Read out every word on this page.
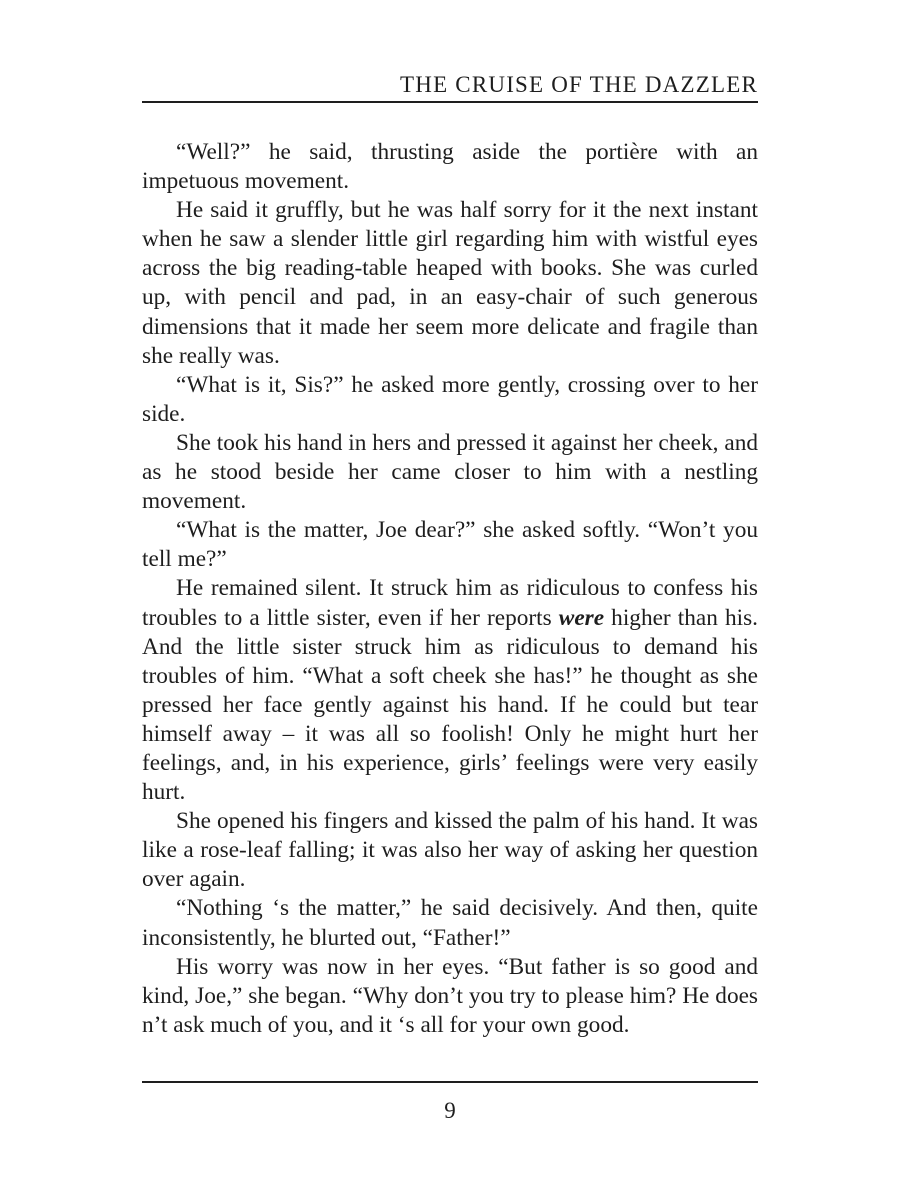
THE CRUISE OF THE DAZZLER

“Well?” he said, thrusting aside the portière with an impetuous movement.

He said it gruffly, but he was half sorry for it the next instant when he saw a slender little girl regarding him with wistful eyes across the big reading-table heaped with books. She was curled up, with pencil and pad, in an easy-chair of such generous dimensions that it made her seem more delicate and fragile than she really was.

“What is it, Sis?” he asked more gently, crossing over to her side.

She took his hand in hers and pressed it against her cheek, and as he stood beside her came closer to him with a nestling movement.

“What is the matter, Joe dear?” she asked softly. “Won’t you tell me?”

He remained silent. It struck him as ridiculous to confess his troubles to a little sister, even if her reports were higher than his. And the little sister struck him as ridiculous to demand his troubles of him. “What a soft cheek she has!” he thought as she pressed her face gently against his hand. If he could but tear himself away – it was all so foolish! Only he might hurt her feelings, and, in his experience, girls’ feelings were very easily hurt.

She opened his fingers and kissed the palm of his hand. It was like a rose-leaf falling; it was also her way of asking her question over again.

“Nothing ‘s the matter,” he said decisively. And then, quite inconsistently, he blurted out, “Father!”

His worry was now in her eyes. “But father is so good and kind, Joe,” she began. “Why don’t you try to please him? He does n’t ask much of you, and it ‘s all for your own good.

9
